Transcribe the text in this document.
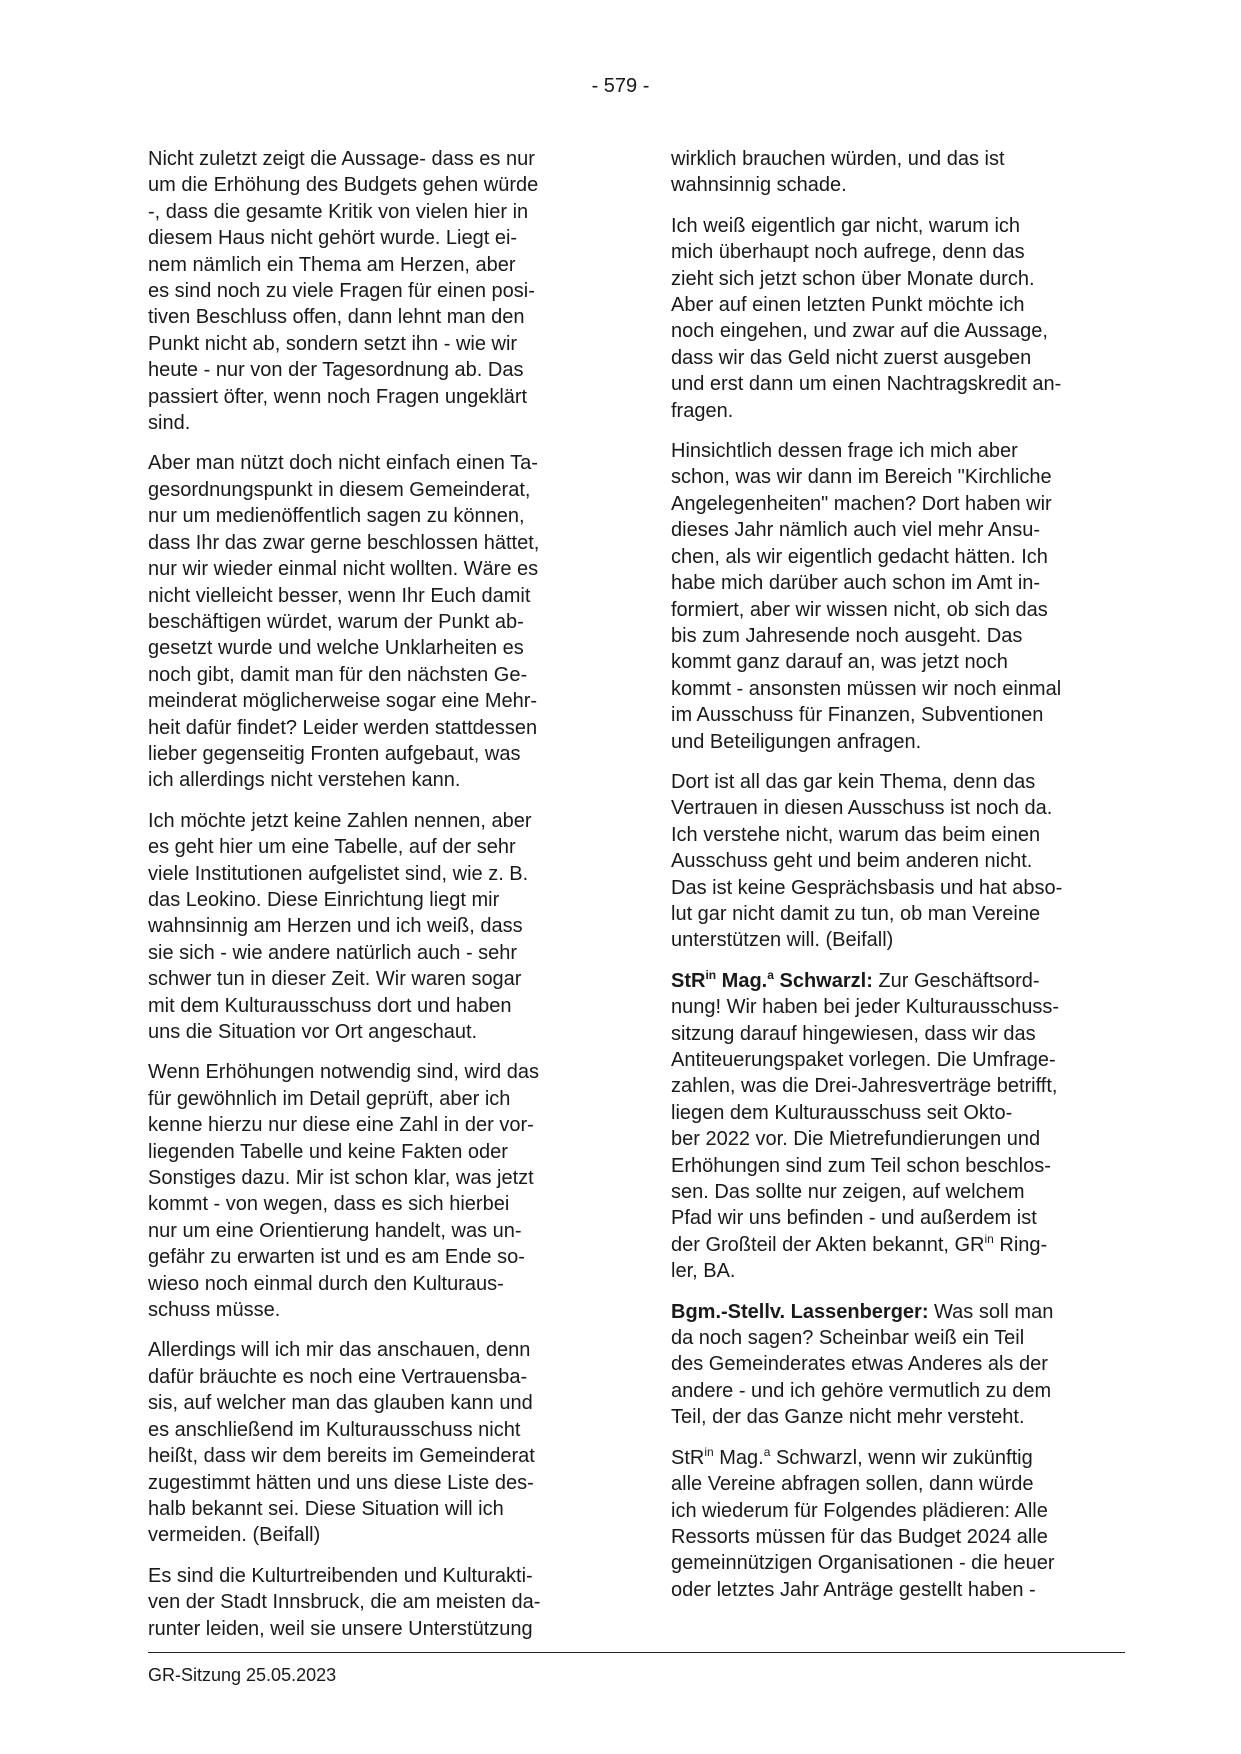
- 579 -

Nicht zuletzt zeigt die Aussage- dass es nur
um die Erhöhung des Budgets gehen würde
-, dass die gesamte Kritik von vielen hier in
diesem Haus nicht gehört wurde. Liegt ei-
nem nämlich ein Thema am Herzen, aber
es sind noch zu viele Fragen für einen posi-
tiven Beschluss offen, dann lehnt man den
Punkt nicht ab, sondern setzt ihn - wie wir
heute - nur von der Tagesordnung ab. Das
passiert öfter, wenn noch Fragen ungeklärt
sind.

Aber man nützt doch nicht einfach einen Ta-
gesordnungspunkt in diesem Gemeinderat,
nur um medienöffentlich sagen zu können,
dass Ihr das zwar gerne beschlossen hättet,
nur wir wieder einmal nicht wollten. Wäre es
nicht vielleicht besser, wenn Ihr Euch damit
beschäftigen würdet, warum der Punkt ab-
gesetzt wurde und welche Unklarheiten es
noch gibt, damit man für den nächsten Ge-
meinderat möglicherweise sogar eine Mehr-
heit dafür findet? Leider werden stattdessen
lieber gegenseitig Fronten aufgebaut, was
ich allerdings nicht verstehen kann.

Ich möchte jetzt keine Zahlen nennen, aber
es geht hier um eine Tabelle, auf der sehr
viele Institutionen aufgelistet sind, wie z. B.
das Leokino. Diese Einrichtung liegt mir
wahnsinnig am Herzen und ich weiß, dass
sie sich - wie andere natürlich auch - sehr
schwer tun in dieser Zeit. Wir waren sogar
mit dem Kulturausschuss dort und haben
uns die Situation vor Ort angeschaut.

Wenn Erhöhungen notwendig sind, wird das
für gewöhnlich im Detail geprüft, aber ich
kenne hierzu nur diese eine Zahl in der vor-
liegenden Tabelle und keine Fakten oder
Sonstiges dazu. Mir ist schon klar, was jetzt
kommt - von wegen, dass es sich hierbei
nur um eine Orientierung handelt, was un-
gefähr zu erwarten ist und es am Ende so-
wieso noch einmal durch den Kulturaus-
schuss müsse.

Allerdings will ich mir das anschauen, denn
dafür bräuchte es noch eine Vertrauensba-
sis, auf welcher man das glauben kann und
es anschließend im Kulturausschuss nicht
heißt, dass wir dem bereits im Gemeinderat
zugestimmt hätten und uns diese Liste des-
halb bekannt sei. Diese Situation will ich
vermeiden. (Beifall)

Es sind die Kulturtreibenden und Kulturakti-
ven der Stadt Innsbruck, die am meisten da-
runter leiden, weil sie unsere Unterstützung

wirklich brauchen würden, und das ist
wahnsinnig schade.

Ich weiß eigentlich gar nicht, warum ich
mich überhaupt noch aufrege, denn das
zieht sich jetzt schon über Monate durch.
Aber auf einen letzten Punkt möchte ich
noch eingehen, und zwar auf die Aussage,
dass wir das Geld nicht zuerst ausgeben
und erst dann um einen Nachtragskredit an-
fragen.

Hinsichtlich dessen frage ich mich aber
schon, was wir dann im Bereich "Kirchliche
Angelegenheiten" machen? Dort haben wir
dieses Jahr nämlich auch viel mehr Ansu-
chen, als wir eigentlich gedacht hätten. Ich
habe mich darüber auch schon im Amt in-
formiert, aber wir wissen nicht, ob sich das
bis zum Jahresende noch ausgeht. Das
kommt ganz darauf an, was jetzt noch
kommt - ansonsten müssen wir noch einmal
im Ausschuss für Finanzen, Subventionen
und Beteiligungen anfragen.

Dort ist all das gar kein Thema, denn das
Vertrauen in diesen Ausschuss ist noch da.
Ich verstehe nicht, warum das beim einen
Ausschuss geht und beim anderen nicht.
Das ist keine Gesprächsbasis und hat abso-
lut gar nicht damit zu tun, ob man Vereine
unterstützen will. (Beifall)

StR$^{in}$ Mag.$^a$ Schwarzl: Zur Geschäftsord-
nung! Wir haben bei jeder Kulturausschuss-
sitzung darauf hingewiesen, dass wir das
Antiteuerungspaket vorlegen. Die Umfrage-
zahlen, was die Drei-Jahresverträge betrifft,
liegen dem Kulturausschuss seit Okto-
ber 2022 vor. Die Mietrefundierungen und
Erhöhungen sind zum Teil schon beschlos-
sen. Das sollte nur zeigen, auf welchem
Pfad wir uns befinden - und außerdem ist
der Großteil der Akten bekannt, $GR^{in}$ Ring-
ler, BA.

Bgm.-Stellv. Lassenberger: Was soll man
da noch sagen? Scheinbar weiß ein Teil
des Gemeinderates etwas Anderes als der
andere - und ich gehöre vermutlich zu dem
Teil, der das Ganze nicht mehr versteht.

StR$^{in}$ Mag.$^a$ Schwarzl, wenn wir zukünftig
alle Vereine abfragen sollen, dann würde
ich wiederum für Folgendes plädieren: Alle
Ressorts müssen für das Budget 2024 alle
gemeinnützigen Organisationen - die heuer
oder letztes Jahr Anträge gestellt haben -

GR-Sitzung 25.05.2023
